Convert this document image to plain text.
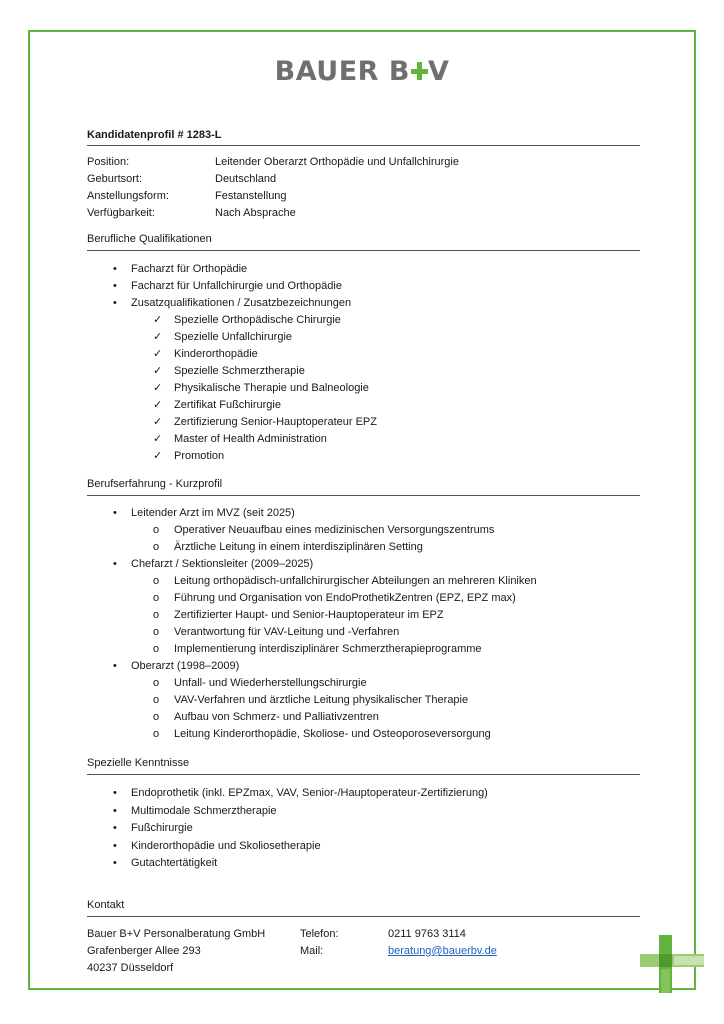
BAUER B V
Kandidatenprofil # 1283-L
Position:	Leitender Oberarzt Orthopädie und Unfallchirurgie
Geburtsort:	Deutschland
Anstellungsform:	Festanstellung
Verfügbarkeit:	Nach Absprache
Berufliche Qualifikationen
• Facharzt für Orthopädie
• Facharzt für Unfallchirurgie und Orthopädie
• Zusatzqualifikationen / Zusatzbezeichnungen
✓ Spezielle Orthopädische Chirurgie
✓ Spezielle Unfallchirurgie
✓ Kinderorthopädie
✓ Spezielle Schmerztherapie
✓ Physikalische Therapie und Balneologie
✓ Zertifikat Fußchirurgie
✓ Zertifizierung Senior-Hauptoperateur EPZ
✓ Master of Health Administration
✓ Promotion
Berufserfahrung - Kurzprofil
• Leitender Arzt im MVZ (seit 2025)
o Operativer Neuaufbau eines medizinischen Versorgungszentrums
o Ärztliche Leitung in einem interdisziplinären Setting
• Chefarzt / Sektionsleiter (2009–2025)
o Leitung orthopädisch-unfallchirurgischer Abteilungen an mehreren Kliniken
o Führung und Organisation von EndoProthetikZentren (EPZ, EPZ max)
o Zertifizierter Haupt- und Senior-Hauptoperateur im EPZ
o Verantwortung für VAV-Leitung und -Verfahren
o Implementierung interdisziplinärer Schmerztherapieprogramme
• Oberarzt (1998–2009)
o Unfall- und Wiederherstellungschirurgie
o VAV-Verfahren und ärztliche Leitung physikalischer Therapie
o Aufbau von Schmerz- und Palliativzentren
o Leitung Kinderorthopädie, Skoliose- und Osteoporoseversorgung
Spezielle Kenntnisse
• Endoprothetik (inkl. EPZmax, VAV, Senior-/Hauptoperateur-Zertifizierung)
• Multimodale Schmerztherapie
• Fußchirurgie
• Kinderorthopädie und Skoliosetherapie
• Gutachtertätigkeit
Kontakt
Bauer B+V Personalberatung GmbH
Grafenberger Allee 293
40237 Düsseldorf
Telefon:	0211 9763 3114
Mail:	beratung@bauerbv.de
